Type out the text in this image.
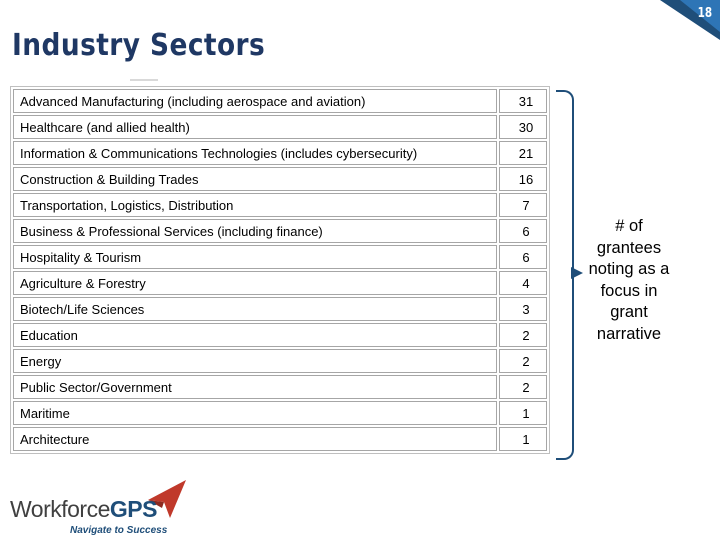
18
Industry Sectors
Advanced Manufacturing (including aerospace and aviation)	31
Healthcare (and allied health)	30
Information & Communications Technologies (includes cybersecurity)	21
Construction & Building Trades	16
Transportation, Logistics, Distribution	7
Business & Professional Services (including finance)	6
Hospitality & Tourism	6
Agriculture & Forestry	4
Biotech/Life Sciences	3
Education	2
Energy	2
Public Sector/Government	2
Maritime	1
Architecture	1
# of grantees noting as a focus in grant narrative
WorkforceGPS
Navigate to Success
